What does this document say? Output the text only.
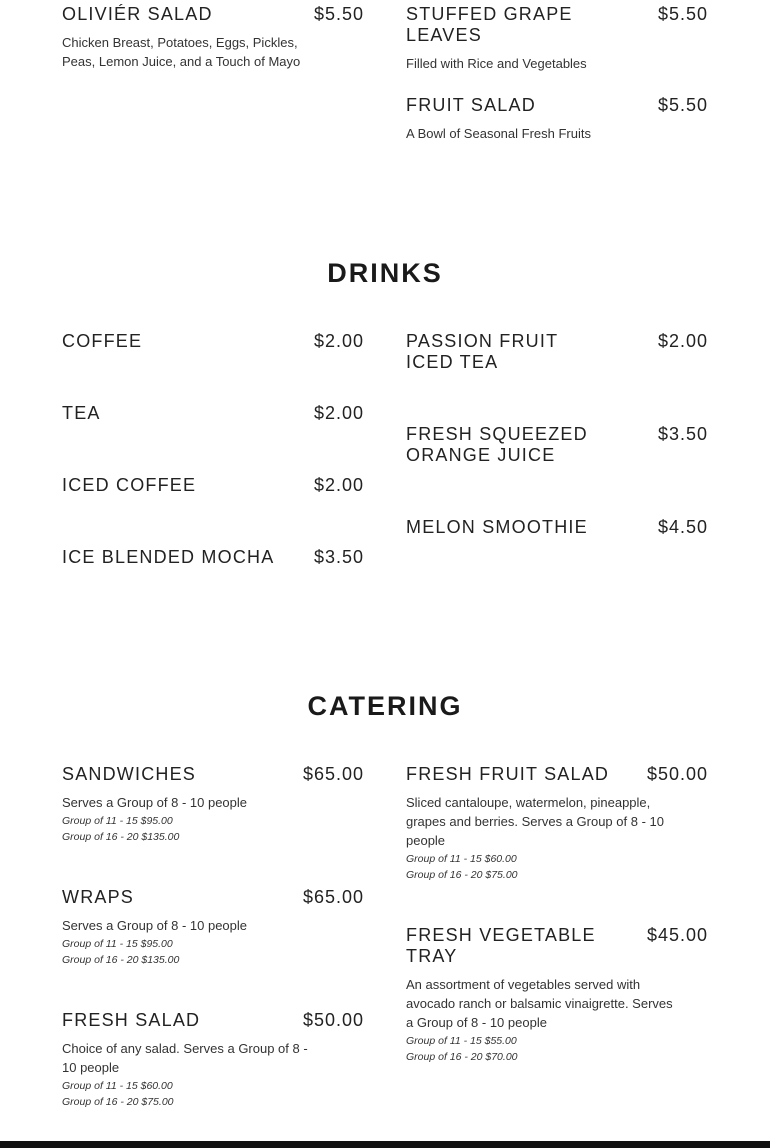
OLIVIÉR SALAD	$5.50
Chicken Breast, Potatoes, Eggs, Pickles, Peas, Lemon Juice, and a Touch of Mayo
STUFFED GRAPE LEAVES
$5.50
Filled with Rice and Vegetables
FRUIT SALAD	$5.50
A Bowl of Seasonal Fresh Fruits
DRINKS
COFFEE	$2.00
TEA	$2.00
ICED COFFEE	$2.00
ICE BLENDED MOCHA	$3.50
PASSION FRUIT ICED TEA
$2.00
FRESH SQUEEZED ORANGE JUICE
$3.50
MELON SMOOTHIE	$4.50
CATERING
SANDWICHES	$65.00
Serves a Group of 8 - 10 people
Group of 11 - 15 $95.00
Group of 16 - 20 $135.00
WRAPS	$65.00
Serves a Group of 8 - 10 people
Group of 11 - 15 $95.00
Group of 16 - 20 $135.00
FRESH SALAD	$50.00
Choice of any salad. Serves a Group of 8 - 10 people
Group of 11 - 15 $60.00
Group of 16 - 20 $75.00
FRESH FRUIT SALAD	$50.00
Sliced cantaloupe, watermelon, pineapple, grapes and berries. Serves a Group of 8 - 10 people
Group of 11 - 15 $60.00
Group of 16 - 20 $75.00
FRESH VEGETABLE TRAY
$45.00
An assortment of vegetables served with avocado ranch or balsamic vinaigrette. Serves a Group of 8 - 10 people
Group of 11 - 15 $55.00
Group of 16 - 20 $70.00
